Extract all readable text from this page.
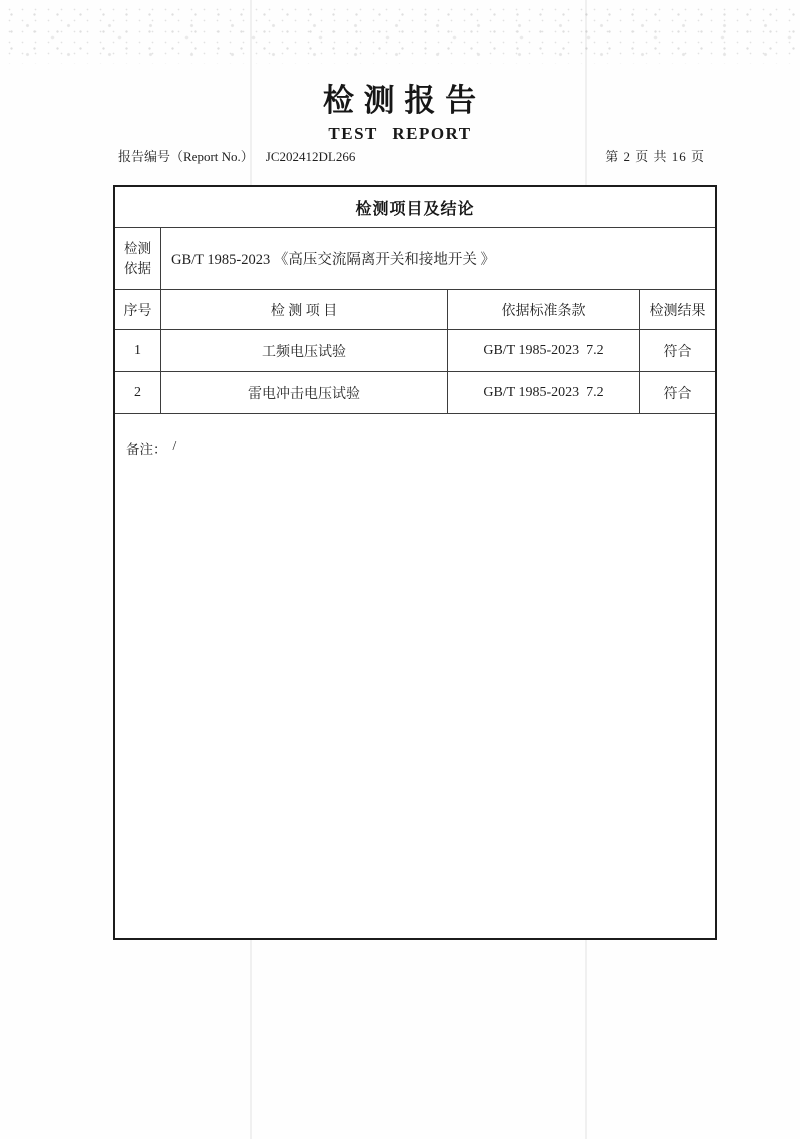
检 测 报 告
TEST REPORT
报告编号（Report No.） JC202412DL266	第 2 页 共 16 页
检测项目及结论
检测
依据	GB/T 1985-2023 《高压交流隔离开关和接地开关 》
序号	检 测 项 目	依据标准条款	检测结果
1	工频电压试验	GB/T 1985-2023  7.2	符合
2	雷电冲击电压试验	GB/T 1985-2023  7.2	符合
备注： /
